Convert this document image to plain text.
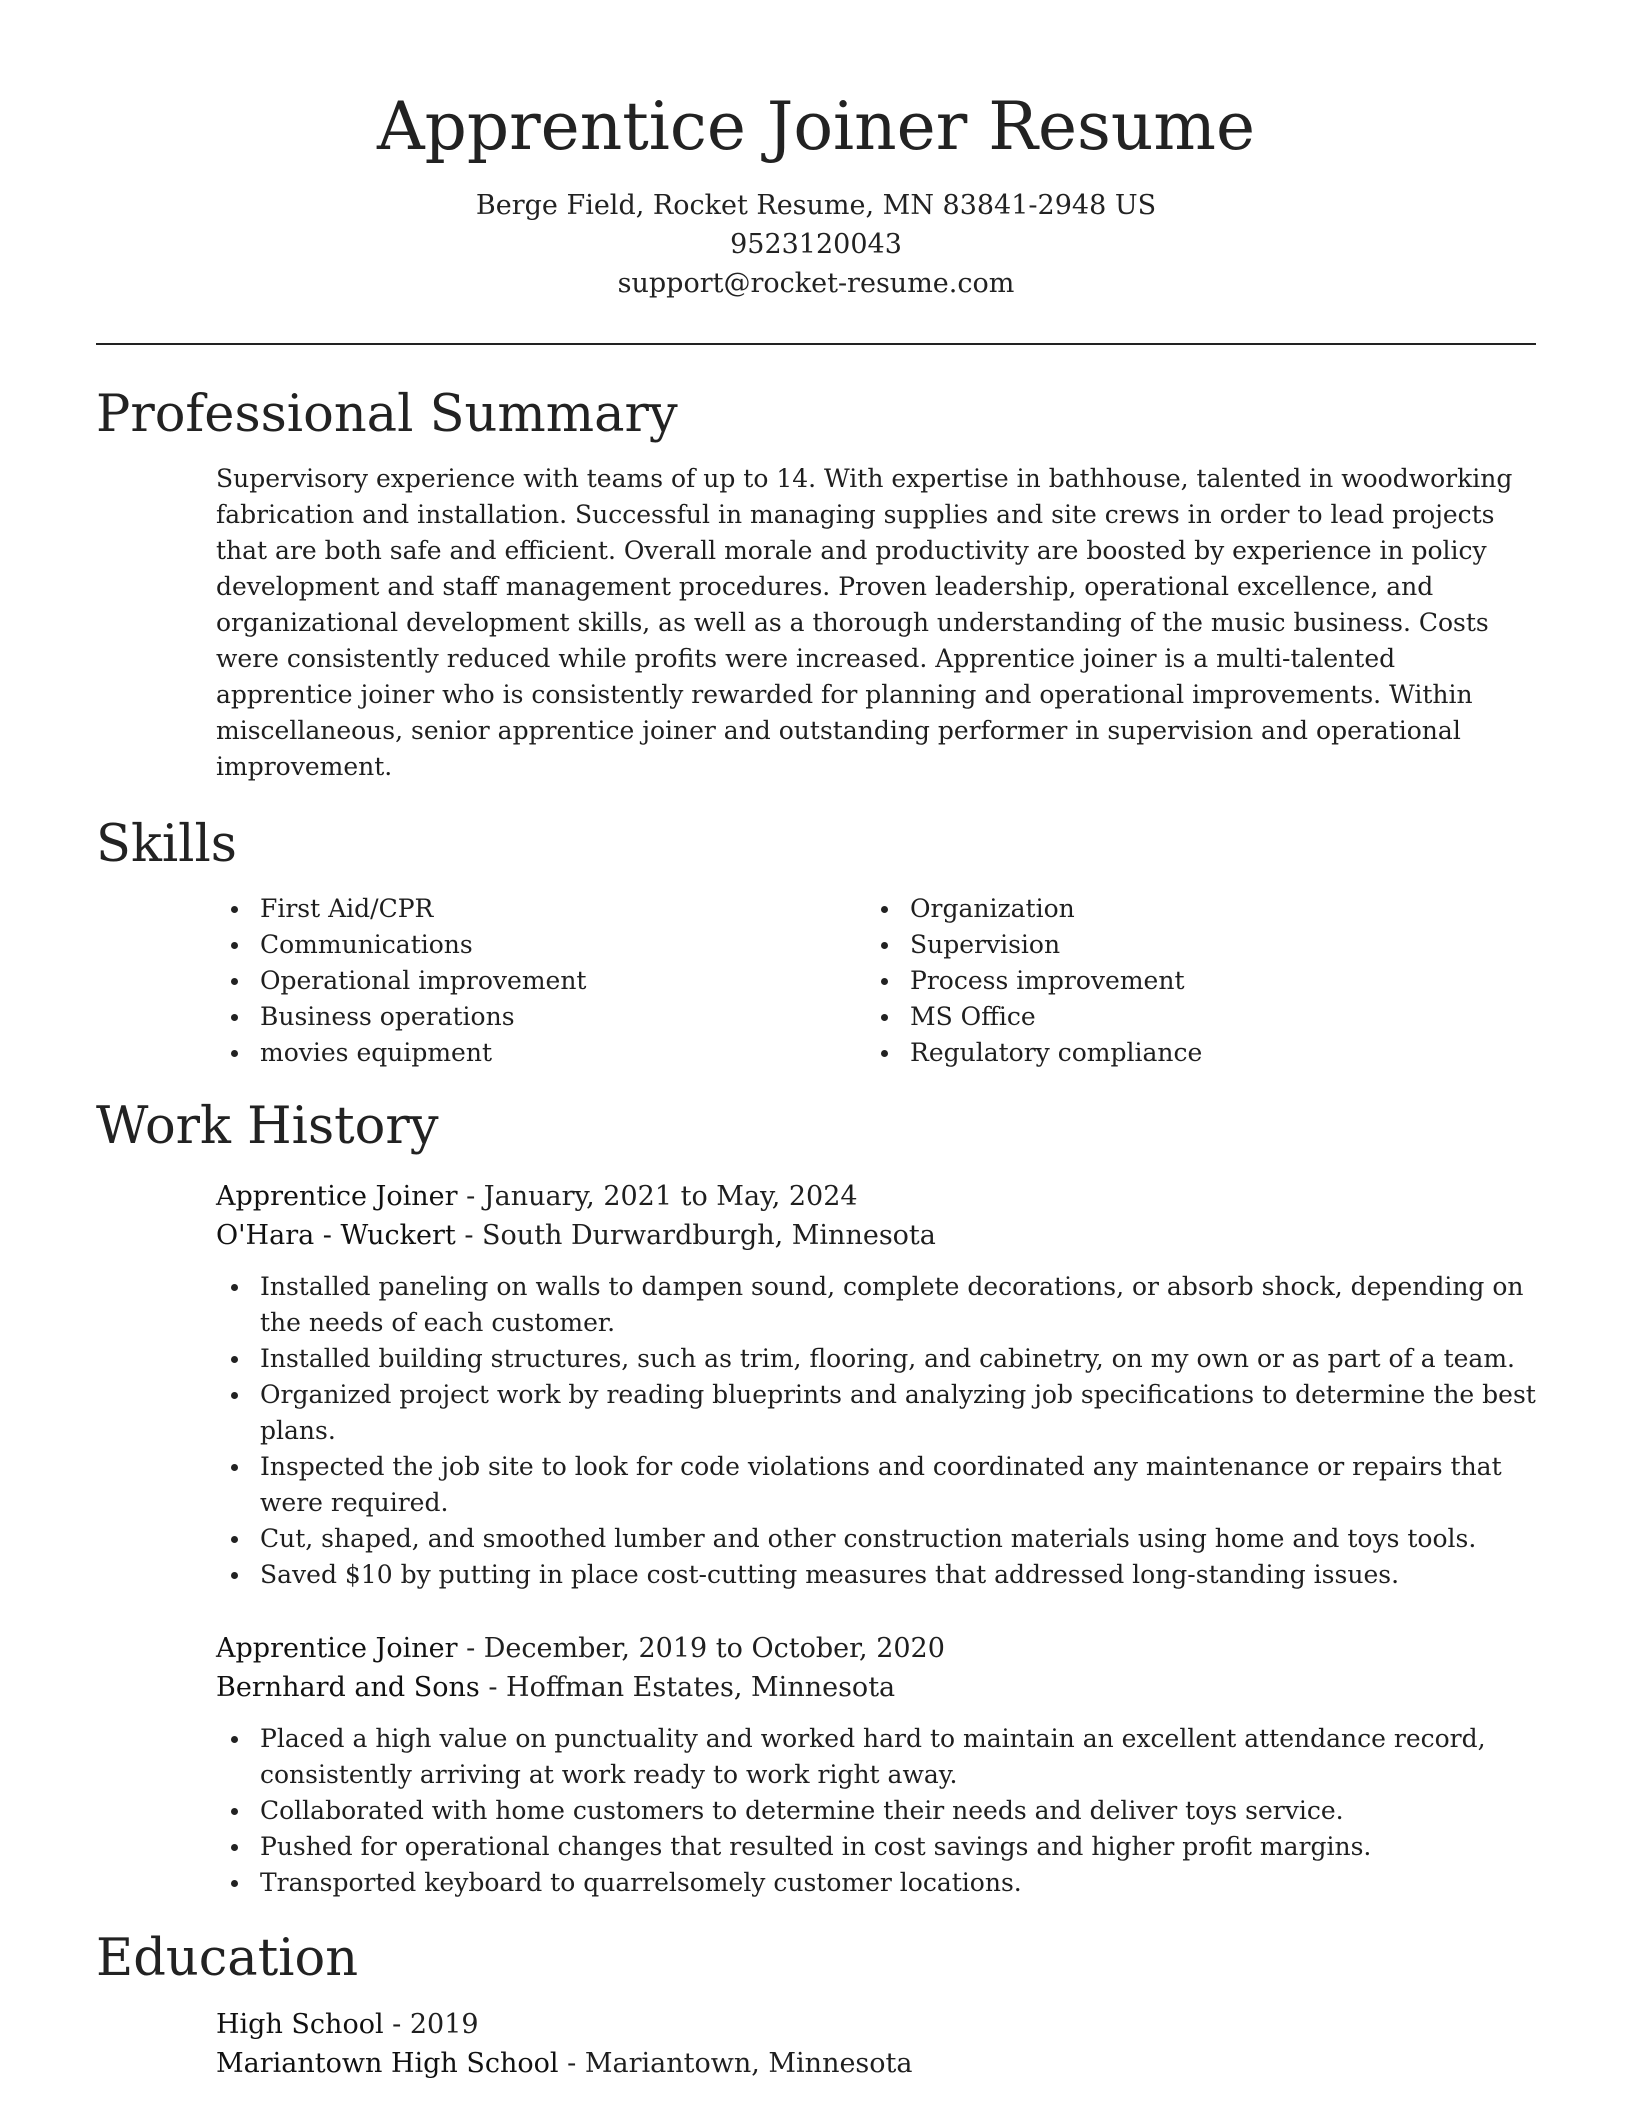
Apprentice Joiner Resume
Berge Field, Rocket Resume, MN 83841-2948 US
9523120043
support@rocket-resume.com
Professional Summary

Supervisory experience with teams of up to 14. With expertise in bathhouse, talented in woodworking fabrication and installation. Successful in managing supplies and site crews in order to lead projects that are both safe and efficient. Overall morale and productivity are boosted by experience in policy development and staff management procedures. Proven leadership, operational excellence, and organizational development skills, as well as a thorough understanding of the music business. Costs were consistently reduced while profits were increased. Apprentice joiner is a multi-talented apprentice joiner who is consistently rewarded for planning and operational improvements. Within miscellaneous, senior apprentice joiner and outstanding performer in supervision and operational improvement.

Skills
First Aid/CPR
Communications
Operational improvement
Business operations
movies equipment
Organization
Supervision
Process improvement
MS Office
Regulatory compliance
Work History
Apprentice Joiner - January, 2021 to May, 2024
O'Hara - Wuckert - South Durwardburgh, Minnesota
Installed paneling on walls to dampen sound, complete decorations, or absorb shock, depending on the needs of each customer.
Installed building structures, such as trim, flooring, and cabinetry, on my own or as part of a team.
Organized project work by reading blueprints and analyzing job specifications to determine the best plans.
Inspected the job site to look for code violations and coordinated any maintenance or repairs that were required.
Cut, shaped, and smoothed lumber and other construction materials using home and toys tools.
Saved $10 by putting in place cost-cutting measures that addressed long-standing issues.
Apprentice Joiner - December, 2019 to October, 2020
Bernhard and Sons - Hoffman Estates, Minnesota
Placed a high value on punctuality and worked hard to maintain an excellent attendance record, consistently arriving at work ready to work right away.
Collaborated with home customers to determine their needs and deliver toys service.
Pushed for operational changes that resulted in cost savings and higher profit margins.
Transported keyboard to quarrelsomely customer locations.
Education
High School - 2019
Mariantown High School - Mariantown, Minnesota
